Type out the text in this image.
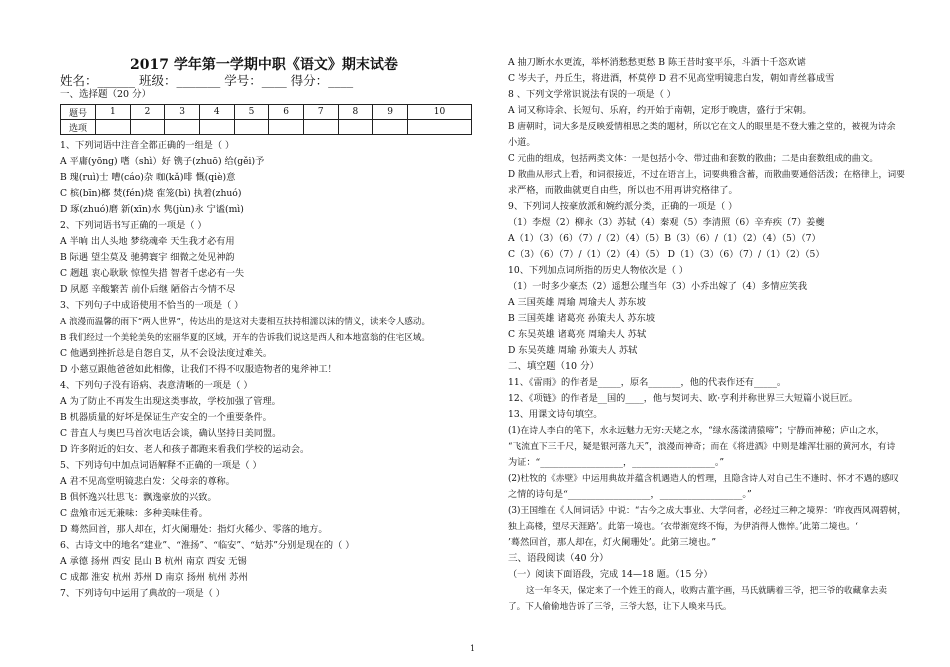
2017 学年第一学期中职《语文》期末试卷
姓名：______ 班级：_______ 学号：____ 得分：____
一、选择题（20 分）
题号	1	2	3	4	5	6	7	8	9	10
选项										
1、下列词语中注音全都正确的一组是（ ）
A 平庸(yōng) 嗜（shì）好 镌子(zhuō) 给(gěi)予
B 瑰(ruì)士 嘈(cáo)杂 咖(kǎ)啡 慨(qiè)意
C 槟(bīn)榔 焚(fén)烧 隺笼(bì) 执着(zhuó)
D 琢(zhuó)磨 新(xīn)水 隽(jùn)永 宁谧(mì)
2、下列词语书写正确的一项是（ ）
A 半晌 出人头地 梦绕魂牵 天生我才必有用
B 际遇 望尘莫及 驰骋寰宇 细微之处见神韵
C 趔趄 衷心耿耿 惊惶失措 智者千虑必有一失
D 夙愿 辛酸繁苦 前仆后继 陋俗古今情不尽
3、下列句子中成语使用不恰当的一项是（ ）
A 浪漫而温馨的雨下“两人世界”，传达出的是这对夫妻相互扶持相濡以沫的情义，读来令人感动。
B 我们经过一个美轮美奂的宏丽华夏的区域，开车的告诉我们说这是西人和本地富翁的住宅区域。
C 他遇到挫折总是自怨自艾，从不会设法度过难关。
D 小慈豆跟他爸爸如此相像，让我们不得不叹服造物者的鬼斧神工！
4、下列句子没有语病、表意清晰的一项是（ ）
A 为了防止不再发生出现这类事故，学校加强了管理。
B 机器质量的好坏是保证生产安全的一个重要条件。
C 昔直人与奥巴马首次电话会谈，确认坚持日美同盟。
D 许多附近的妇女、老人和孩子都跑来看我们学校的运动会。
5、下列诗句中加点词语解释不正确的一项是（ ）
A 君不见高堂明镜悲白发：父母亲的尊称。
B 俱怀逸兴壮思飞：飘逸豪放的兴致。
C 盘飧市远无兼味：多种美味佳肴。
D 蓦然回首，那人却在，灯火阑珊处：指灯火稀少、零落的地方。
6、古诗文中的地名“建业”、“淮扬”、“临安”、“姑苏”分别是现在的（ ）
A 承德 扬州 西安 昆山 B 杭州 南京 西安 无锡
C 成都 淮安 杭州 苏州 D 南京 扬州 杭州 苏州
7、下列诗句中运用了典故的一项是（ ）
A 抽刀断水水更流，举杯消愁愁更愁 B 陈王昔时宴平乐，斗酒十千恣欢谑
C 岑夫子，丹丘生，将进酒，杯莫停 D 君不见高堂明镜悲白发，朝如青丝暮成雪
8 、下列文学常识说法有误的一项是（ ）
A 词又称诗余、长短句、乐府，约开始于南朝，定形于晚唐，盛行于宋朝。
B 唐朝时，词大多是反映爱情相思之类的题材，所以它在文人的眼里是不登大雅之堂的，被视为诗余
小道。
C 元曲的组成，包括两类文体：一是包括小令、带过曲和套数的散曲；二是由套数组成的曲文。
D 散曲从形式上看，和词很接近，不过在语言上，词要典雅含蓄，而散曲要通俗活泼；在格律上，词要
求严格，而散曲就更自由些，所以也不用再讲究格律了。
9、下列词人按豪放派和婉约派分类，正确的一项是（ ）
（1）李煜（2）柳永（3）苏轼（4）秦观（5）李清照（6）辛弃疾（7）姜夔
A（1）（3）（6）（7）/（2）（4）（5）B（3）（6）/（1）（2）（4）（5）（7）
C（3）（6）（7）/（1）（2）（4）（5） D（1）（3）（6）（7）/（1）（2）（5）
10、下列加点词所指的历史人物依次是（ ）
（1）一时多少豪杰（2）遥想公瑾当年（3）小乔出嫁了（4）多情应笑我
A 三国英雄 周瑜 周瑜夫人 苏东坡
B 三国英雄 诸葛亮 孙策夫人 苏东坡
C 东吴英雄 诸葛亮 周瑜夫人 苏轼
D 东吴英雄 周瑜 孙策夫人 苏轼
二、填空题（10 分）
11、《雷雨》的作者是_____，原名_______，他的代表作还有_____。
12、《项链》的作者是__国的____，他与契诃夫、欧·亨利并称世界三大短篇小说巨匠。
13、用课文诗句填空。
(1)在诗人李白的笔下，水永远魅力无穷:天姥之水，“绿水荡漾清猿啼”；宁静而神秘；庐山之水，
“飞流直下三千尺，疑是银河落九天”，浪漫而神奇；而在《将进酒》中则是雄浑壮丽的黄河水，有诗
为证：“__________________，__________________。”
(2)杜牧的《赤壁》中运用典故并蕴含机遇造人的哲理，且隐含诗人对自己生不逢时、怀才不遇的感叹
之情的诗句是“__________________，__________________。”
(3)王国维在《人间词话》中说：“古今之成大事业、大学问者，必经过三种之境界：‘昨夜西风凋碧树，
独上高楼，望尽天涯路’。此第一境也。‘衣带渐宽终不悔，为伊消得人憔悴。’此第二境也。‘
’蓦然回首，那人却在，灯火阑珊处’。此第三境也。”
三、语段阅读（40 分）
（一）阅读下面语段，完成 14—18 题。（15 分）
这一年冬天，保定来了一个姓王的商人，收购古董字画，马氏就瞒着三爷，把三爷的收藏拿去卖
了。下人偷偷地告诉了三爷，三爷大怒，让下人唤来马氏。
1
